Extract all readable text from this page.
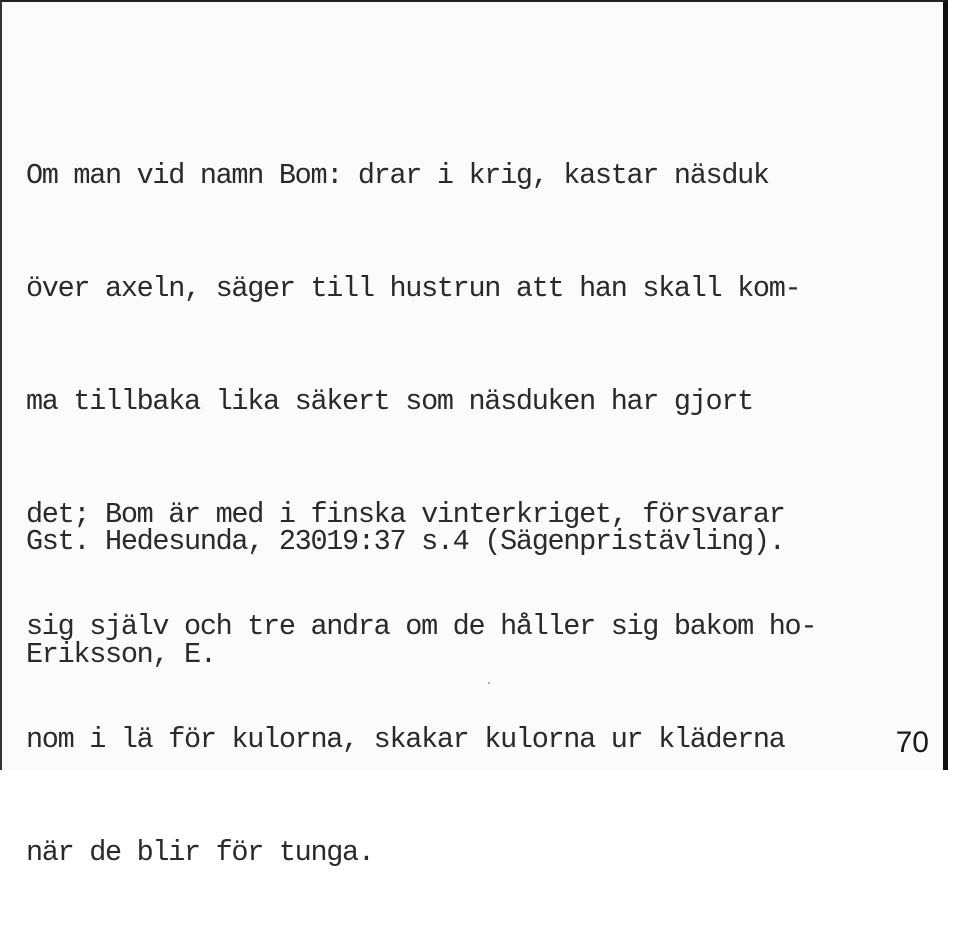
Om man vid namn Bom: drar i krig, kastar näsduk

över axeln, säger till hustrun att han skall kom-

ma tillbaka lika säkert som näsduken har gjort

det; Bom är med i finska vinterkriget, försvarar

sig själv och tre andra om de håller sig bakom ho-

nom i lä för kulorna, skakar kulorna ur kläderna

när de blir för tunga.

Gst. Hedesunda, 23019:37 s.4 (Sägenpristävling).

Eriksson, E.

70
